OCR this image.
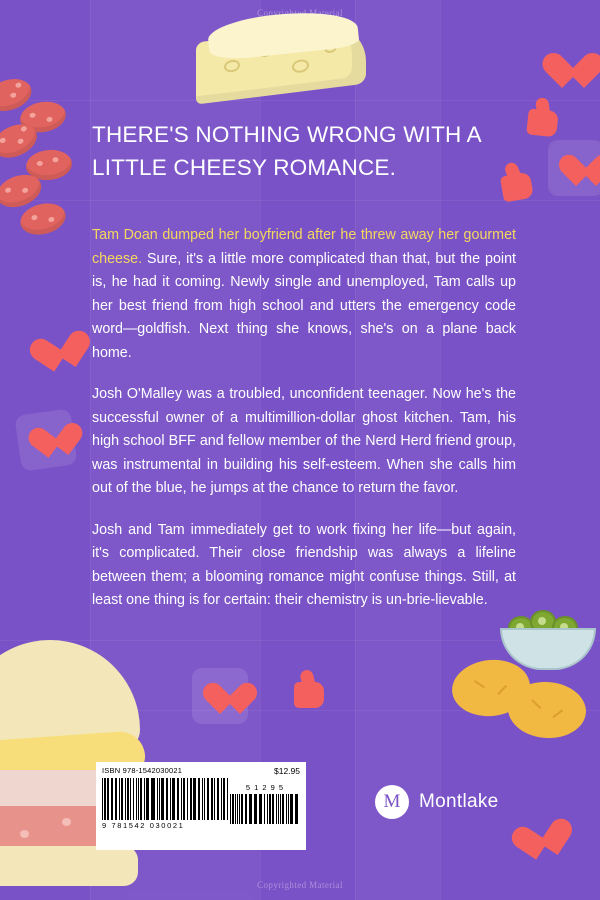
Copyrighted Material
Copyrighted Material
THERE'S NOTHING WRONG WITH A LITTLE CHEESY ROMANCE.

Tam Doan dumped her boyfriend after he threw away her gourmet cheese. Sure, it's a little more complicated than that, but the point is, he had it coming. Newly single and unemployed, Tam calls up her best friend from high school and utters the emergency code word—goldfish. Next thing she knows, she's on a plane back home.

Josh O'Malley was a troubled, unconfident teenager. Now he's the successful owner of a multimillion-dollar ghost kitchen. Tam, his high school BFF and fellow member of the Nerd Herd friend group, was instrumental in building his self-esteem. When she calls him out of the blue, he jumps at the chance to return the favor.

Josh and Tam immediately get to work fixing her life—but again, it's complicated. Their close friendship was always a lifeline between them; a blooming romance might confuse things. Still, at least one thing is for certain: their chemistry is un-brie-lievable.

ISBN 978-1542030021	$12.95
9 781542 030021
5 1 2 9 5
M Montlake
